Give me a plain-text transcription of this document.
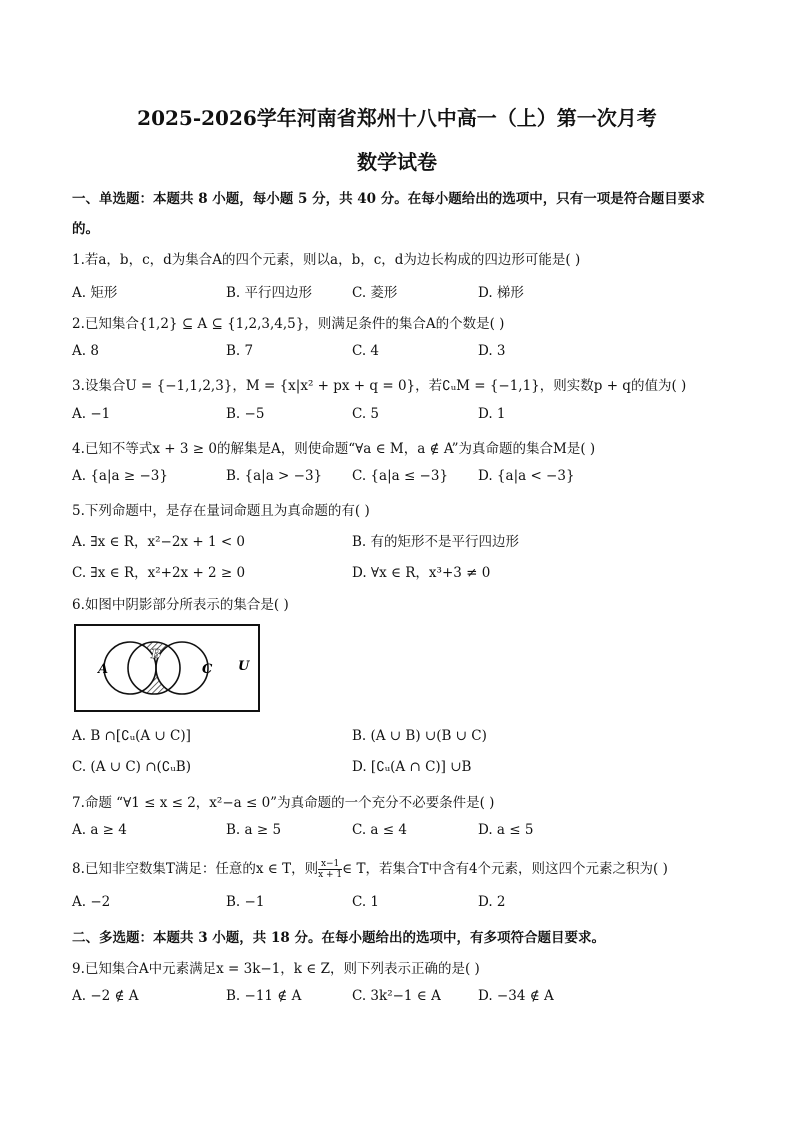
2025-2026学年河南省郑州十八中高一（上）第一次月考
数学试卷
一、单选题：本题共 8 小题，每小题 5 分，共 40 分。在每小题给出的选项中，只有一项是符合题目要求
的。
1.若a，b，c，d为集合A的四个元素，则以a，b，c，d为边长构成的四边形可能是( )
A. 矩形	B. 平行四边形	C. 菱形	D. 梯形
2.已知集合{1,2} ⊆ A ⊆ {1,2,3,4,5}，则满足条件的集合A的个数是( )
A. 8	B. 7	C. 4	D. 3
3.设集合U = {−1,1,2,3}，M = {x|x² + px + q = 0}，若∁ᵤM = {−1,1}，则实数p + q的值为( )
A. −1	B. −5	C. 5	D. 1
4.已知不等式x + 3 ≥ 0的解集是A，则使命题“∀a ∈ M，a ∉ A”为真命题的集合M是( )
A. {a|a ≥ −3}	B. {a|a > −3} C. {a|a ≤ −3} D. {a|a < −3}
5.下列命题中，是存在量词命题且为真命题的有( )
A. ∃x ∈ R，x²−2x + 1 < 0	B. 有的矩形不是平行四边形
C. ∃x ∈ R，x²+2x + 2 ≥ 0	D. ∀x ∈ R，x³+3 ≠ 0
6.如图中阴影部分所表示的集合是( )
A
B
C U
A. B ∩[∁ᵤ(A ∪ C)]	B. (A ∪ B) ∪(B ∪ C)
C. (A ∪ C) ∩(∁ᵤB)	D. [∁ᵤ(A ∩ C)] ∪B
7.命题 “∀1 ≤ x ≤ 2，x²−a ≤ 0”为真命题的一个充分不必要条件是( )
A. a ≥ 4	B. a ≥ 5	C. a ≤ 4	D. a ≤ 5
8.已知非空数集T满足：任意的x ∈ T，则 $\frac{x-1}{x + 1}$ ∈ T，若集合T中含有4个元素，则这四个元素之积为( )
A. −2	B. −1	C. 1	D. 2
二、多选题：本题共 3 小题，共 18 分。在每小题给出的选项中，有多项符合题目要求。
9.已知集合A中元素满足x = 3k−1，k ∈ Z，则下列表示正确的是( )
A. −2 ∉ A	B. −11 ∉ A	C. 3k²−1 ∈ A	D. −34 ∉ A
